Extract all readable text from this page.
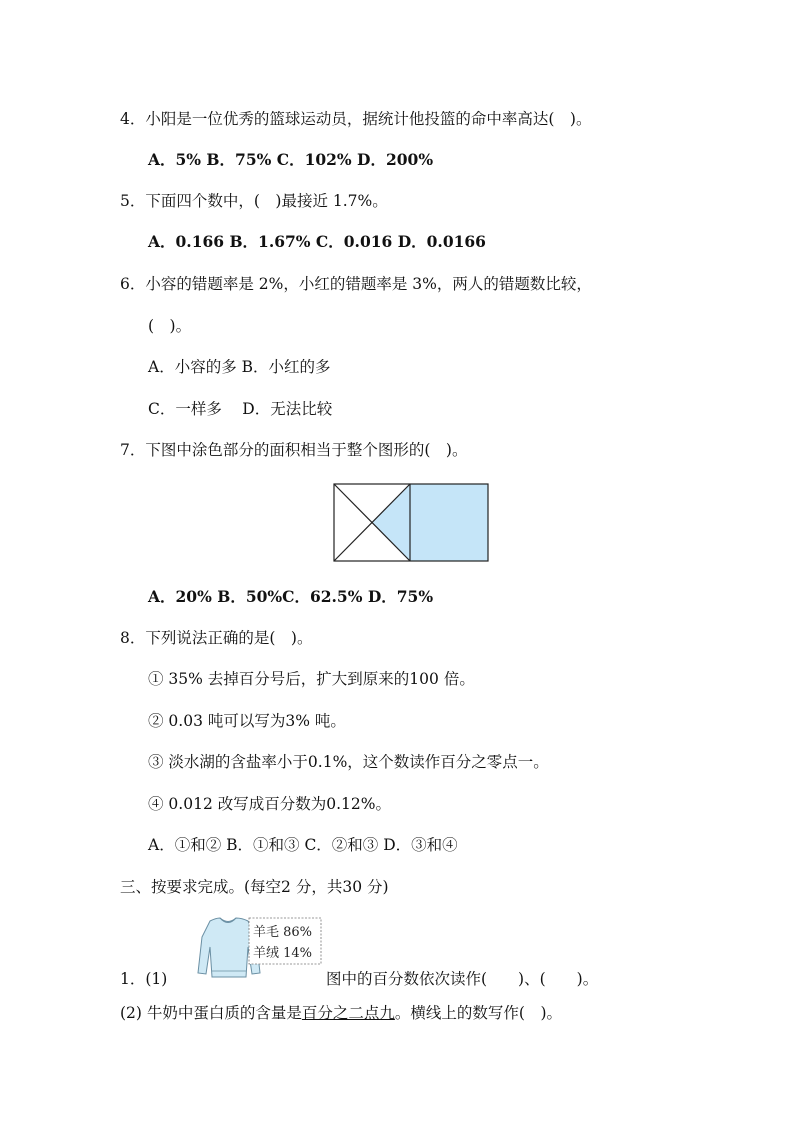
4．小阳是一位优秀的篮球运动员，据统计他投篮的命中率高达(　)。
A．5% B．75% C．102% D．200%
5．下面四个数中，(　)最接近 1.7%。
A．0.166 B．1.67% C．0.016 D．0.0166
6．小容的错题率是 2%，小红的错题率是 3%，两人的错题数比较，
(　)。
A．小容的多 B．小红的多
C．一样多　 D．无法比较
7．下图中涂色部分的面积相当于整个图形的(　)。
A．20% B．50%C．62.5% D．75%
8．下列说法正确的是(　)。
① 35% 去掉百分号后，扩大到原来的100 倍。
② 0.03 吨可以写为3% 吨。
③ 淡水湖的含盐率小于0.1%，这个数读作百分之零点一。
④ 0.012 改写成百分数为0.12%。
A．①和② B．①和③ C．②和③ D．③和④
三、按要求完成。(每空2 分，共30 分)
羊毛 86%
羊绒 14%
1．(1)	图中的百分数依次读作(　　)、(　　)。
(2) 牛奶中蛋白质的含量是百分之二点九。横线上的数写作(　)。
